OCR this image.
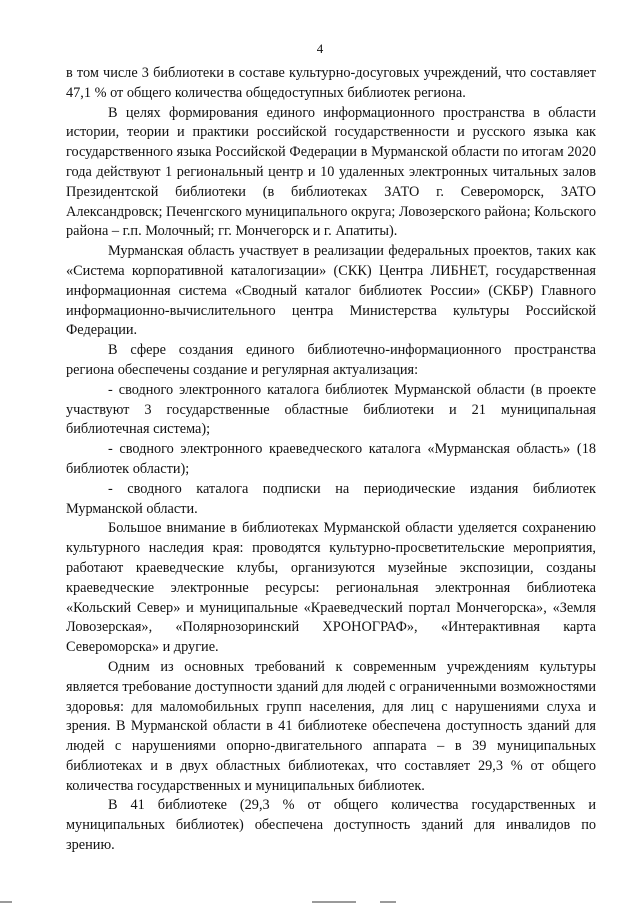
4

в том числе 3 библиотеки в составе культурно-досуговых учреждений, что составляет 47,1 % от общего количества общедоступных библиотек региона.

В целях формирования единого информационного пространства в области истории, теории и практики российской государственности и русского языка как государственного языка Российской Федерации в Мурманской области по итогам 2020 года действуют 1 региональный центр и 10 удаленных электронных читальных залов Президентской библиотеки (в библиотеках ЗАТО г. Североморск, ЗАТО Александровск; Печенгского муниципального округа; Ловозерского района; Кольского района – г.п. Молочный; гг. Мончегорск и г. Апатиты).

Мурманская область участвует в реализации федеральных проектов, таких как «Система корпоративной каталогизации» (СКК) Центра ЛИБНЕТ, государственная информационная система «Сводный каталог библиотек России» (СКБР) Главного информационно-вычислительного центра Министерства культуры Российской Федерации.

В сфере создания единого библиотечно-информационного пространства региона обеспечены создание и регулярная актуализация:

- сводного электронного каталога библиотек Мурманской области (в проекте участвуют 3 государственные областные библиотеки и 21 муниципальная библиотечная система);

- сводного электронного краеведческого каталога «Мурманская область» (18 библиотек области);

- сводного каталога подписки на периодические издания библиотек Мурманской области.

Большое внимание в библиотеках Мурманской области уделяется сохранению культурного наследия края: проводятся культурно-просветительские мероприятия, работают краеведческие клубы, организуются музейные экспозиции, созданы краеведческие электронные ресурсы: региональная электронная библиотека «Кольский Север» и муниципальные «Краеведческий портал Мончегорска», «Земля Ловозерская», «Полярнозоринский ХРОНОГРАФ», «Интерактивная карта Североморска» и другие.

Одним из основных требований к современным учреждениям культуры является требование доступности зданий для людей с ограниченными возможностями здоровья: для маломобильных групп населения, для лиц с нарушениями слуха и зрения. В Мурманской области в 41 библиотеке обеспечена доступность зданий для людей с нарушениями опорно-двигательного аппарата – в 39 муниципальных библиотеках и в двух областных библиотеках, что составляет 29,3 % от общего количества государственных и муниципальных библиотек.

В 41 библиотеке (29,3 % от общего количества государственных и муниципальных библиотек) обеспечена доступность зданий для инвалидов по зрению.
